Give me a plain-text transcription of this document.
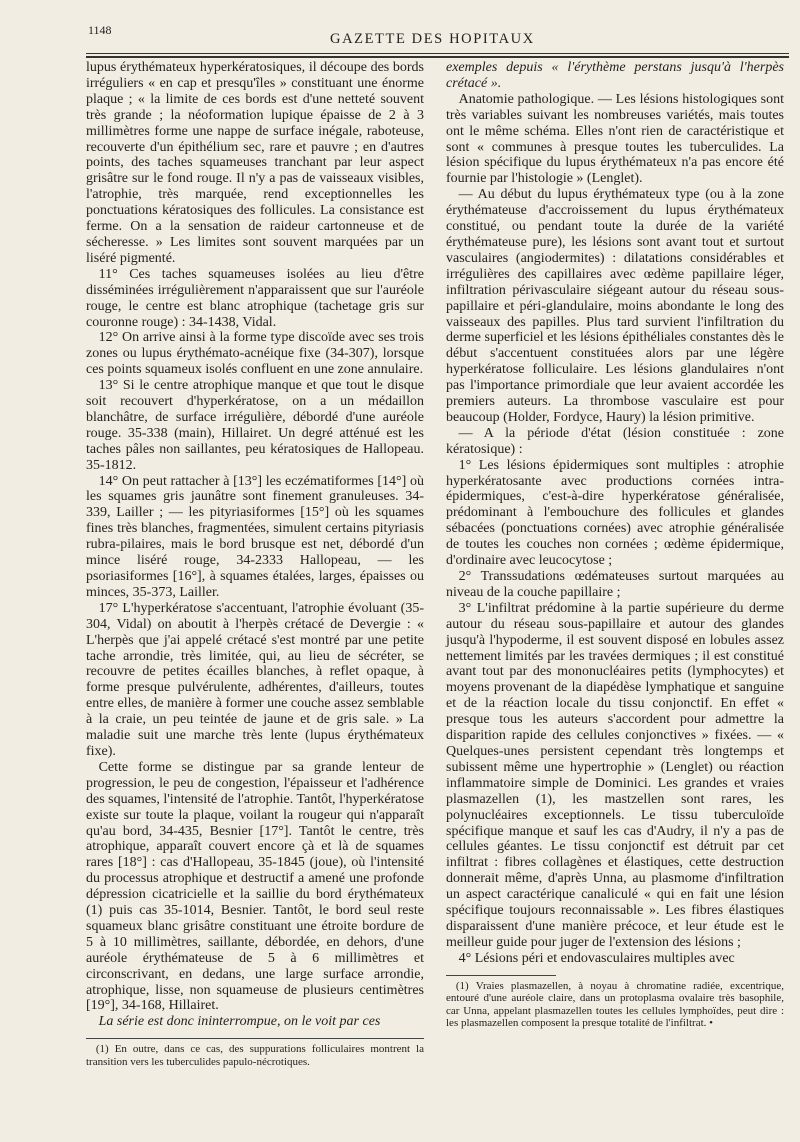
1148
GAZETTE DES HOPITAUX

lupus érythémateux hyperkératosiques, il découpe des bords irréguliers « en cap et presqu'îles » constituant une énorme plaque ; « la limite de ces bords est d'une netteté souvent très grande ; la néoformation lupique épaisse de 2 à 3 millimètres forme une nappe de surface inégale, raboteuse, recouverte d'un épithélium sec, rare et pauvre ; en d'autres points, des taches squameuses tranchant par leur aspect grisâtre sur le fond rouge. Il n'y a pas de vaisseaux visibles, l'atrophie, très marquée, rend exceptionnelles les ponctuations kératosiques des follicules. La consistance est ferme. On a la sensation de raideur cartonneuse et de sécheresse. » Les limites sont souvent marquées par un liséré pigmenté.

11° Ces taches squameuses isolées au lieu d'être disséminées irrégulièrement n'apparaissent que sur l'auréole rouge, le centre est blanc atrophique (tachetage gris sur couronne rouge) : 34-1438, Vidal.

12° On arrive ainsi à la forme type discoïde avec ses trois zones ou lupus érythémato-acnéique fixe (34-307), lorsque ces points squameux isolés confluent en une zone annulaire.

13° Si le centre atrophique manque et que tout le disque soit recouvert d'hyperkératose, on a un médaillon blanchâtre, de surface irrégulière, débordé d'une auréole rouge. 35-338 (main), Hillairet. Un degré atténué est les taches pâles non saillantes, peu kératosiques de Hallopeau. 35-1812.

14° On peut rattacher à [13°] les eczématiformes [14°] où les squames gris jaunâtre sont finement granuleuses. 34-339, Lailler ; — les pityriasiformes [15°] où les squames fines très blanches, fragmentées, simulent certains pityriasis rubra-pilaires, mais le bord brusque est net, débordé d'un mince liséré rouge, 34-2333 Hallopeau, — les psoriasiformes [16°], à squames étalées, larges, épaisses ou minces, 35-373, Lailler.

17° L'hyperkératose s'accentuant, l'atrophie évoluant (35-304, Vidal) on aboutit à l'herpès crétacé de Devergie : « L'herpès que j'ai appelé crétacé s'est montré par une petite tache arrondie, très limitée, qui, au lieu de sécréter, se recouvre de petites écailles blanches, à reflet opaque, à forme presque pulvérulente, adhérentes, d'ailleurs, toutes entre elles, de manière à former une couche assez semblable à la craie, un peu teintée de jaune et de gris sale. » La maladie suit une marche très lente (lupus érythémateux fixe).

Cette forme se distingue par sa grande lenteur de progression, le peu de congestion, l'épaisseur et l'adhérence des squames, l'intensité de l'atrophie. Tantôt, l'hyperkératose existe sur toute la plaque, voilant la rougeur qui n'apparaît qu'au bord, 34-435, Besnier [17°]. Tantôt le centre, très atrophique, apparaît couvert encore çà et là de squames rares [18°] : cas d'Hallopeau, 35-1845 (joue), où l'intensité du processus atrophique et destructif a amené une profonde dépression cicatricielle et la saillie du bord érythémateux (1) puis cas 35-1014, Besnier. Tantôt, le bord seul reste squameux blanc grisâtre constituant une étroite bordure de 5 à 10 millimètres, saillante, débordée, en dehors, d'une auréole érythémateuse de 5 à 6 millimètres et circonscrivant, en dedans, une large surface arrondie, atrophique, lisse, non squameuse de plusieurs centimètres [19°], 34-168, Hillairet.

La série est donc ininterrompue, on le voit par ces

(1) En outre, dans ce cas, des suppurations folliculaires montrent la transition vers les tuberculides papulo-nécrotiques.

exemples depuis « l'érythème perstans jusqu'à l'herpès crétacé ».

Anatomie pathologique. — Les lésions histologiques sont très variables suivant les nombreuses variétés, mais toutes ont le même schéma. Elles n'ont rien de caractéristique et sont « communes à presque toutes les tuberculides. La lésion spécifique du lupus érythémateux n'a pas encore été fournie par l'histologie » (Lenglet).

— Au début du lupus érythémateux type (ou à la zone érythémateuse d'accroissement du lupus érythémateux constitué, ou pendant toute la durée de la variété érythémateuse pure), les lésions sont avant tout et surtout vasculaires (angiodermites) : dilatations considérables et irrégulières des capillaires avec œdème papillaire léger, infiltration périvasculaire siégeant autour du réseau sous-papillaire et péri-glandulaire, moins abondante le long des vaisseaux des papilles. Plus tard survient l'infiltration du derme superficiel et les lésions épithéliales constantes dès le début s'accentuent constituées alors par une légère hyperkératose folliculaire. Les lésions glandulaires n'ont pas l'importance primordiale que leur avaient accordée les premiers auteurs. La thrombose vasculaire est pour beaucoup (Holder, Fordyce, Haury) la lésion primitive.

— A la période d'état (lésion constituée : zone kératosique) :

1° Les lésions épidermiques sont multiples : atrophie hyperkératosante avec productions cornées intra-épidermiques, c'est-à-dire hyperkératose généralisée, prédominant à l'embouchure des follicules et glandes sébacées (ponctuations cornées) avec atrophie généralisée de toutes les couches non cornées ; œdème épidermique, d'ordinaire avec leucocytose ;

2° Transsudations œdémateuses surtout marquées au niveau de la couche papillaire ;

3° L'infiltrat prédomine à la partie supérieure du derme autour du réseau sous-papillaire et autour des glandes jusqu'à l'hypoderme, il est souvent disposé en lobules assez nettement limités par les travées dermiques ; il est constitué avant tout par des mononucléaires petits (lymphocytes) et moyens provenant de la diapédèse lymphatique et sanguine et de la réaction locale du tissu conjonctif. En effet « presque tous les auteurs s'accordent pour admettre la disparition rapide des cellules conjonctives » fixées. — « Quelques-unes persistent cependant très longtemps et subissent même une hypertrophie » (Lenglet) ou réaction inflammatoire simple de Dominici. Les grandes et vraies plasmazellen (1), les mastzellen sont rares, les polynucléaires exceptionnels. Le tissu tuberculoïde spécifique manque et sauf les cas d'Audry, il n'y a pas de cellules géantes. Le tissu conjonctif est détruit par cet infiltrat : fibres collagènes et élastiques, cette destruction donnerait même, d'après Unna, au plasmome d'infiltration un aspect caractérique canaliculé « qui en fait une lésion spécifique toujours reconnaissable ». Les fibres élastiques disparaissent d'une manière précoce, et leur étude est le meilleur guide pour juger de l'extension des lésions ;

4° Lésions péri et endovasculaires multiples avec

(1) Vraies plasmazellen, à noyau à chromatine radiée, excentrique, entouré d'une auréole claire, dans un protoplasma ovalaire très basophile, car Unna, appelant plasmazellen toutes les cellules lymphoïdes, peut dire : les plasmazellen composent la presque totalité de l'infiltrat. •
